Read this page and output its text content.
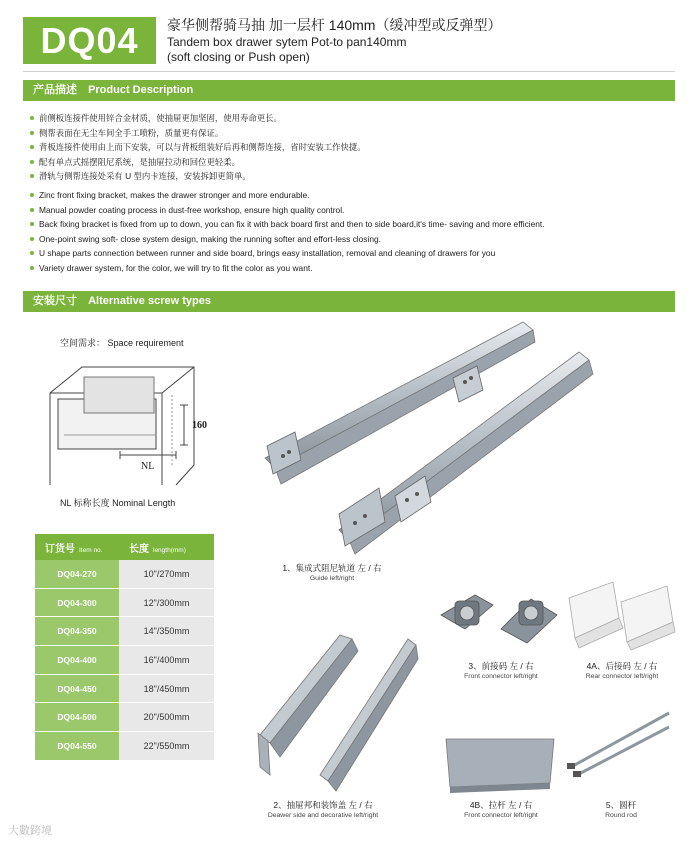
DQ04	豪华侧帮骑马抽 加一层杆 140mm（缓冲型或反弹型）
Tandem box drawer sytem Pot-to pan140mm
(soft closing or Push open)
产品描述 Product Description
前侧板连接件使用锌合金材质，使抽屉更加坚固，使用寿命更长。
侧帮表面在无尘车间全手工喷粉，质量更有保证。
背板连接件使用由上而下安装，可以与背板组装好后再和侧帮连接，省时安装工作快捷。
配有单点式摇摆阻尼系统，是抽屉拉动和回位更轻柔。
滑轨与侧帮连接处采有 U 型内卡连接，安装拆卸更简单。
Zinc front fixing bracket, makes the drawer stronger and more endurable.
Manual powder coating process in dust-free workshop, ensure high quality control.
Back fixing bracket is fixed from up to down, you can fix it with back board first and then to side board,it's time- saving and more efficient.
One-point swing soft- close system design, making the running softer and effort-less closing.
U shape parts connection between runner and side board, brings easy installation, removal and cleaning of drawers for you
Variety drawer system, for the color, we will try to fit the color as you want.
安装尺寸 Alternative screw types
空间需求： Space requirement
160
NL
NL 标称长度 Nominal Length
订货号 Item no.	长度 length(mm)
DQ04-270	10"/270mm
DQ04-300	12"/300mm
DQ04-350	14"/350mm
DQ04-400	16"/400mm
DQ04-450	18"/450mm
DQ04-500	20"/500mm
DQ04-550	22"/550mm
1、集成式阻尼轨道 左 / 右
Guide left/right
2、抽屉邦和装饰盖 左 / 右
Deawer side and decorative left/right
3、前接码 左 / 右
Front connector left/right
4A、后接码 左 / 右
Rear connector left/right
4B、拉杆 左 / 右
Front connector left/right
5、圆杆
Round rod
大數跨境
